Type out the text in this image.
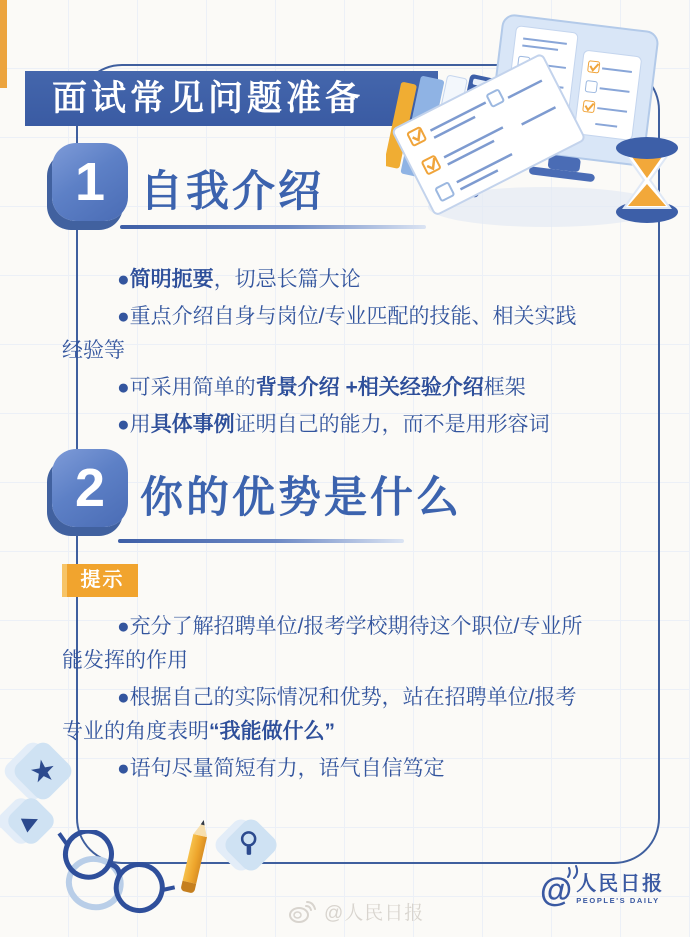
面试常见问题准备
1 自我介绍

●简明扼要，切忌长篇大论

●重点介绍自身与岗位/专业匹配的技能、相关实践经验等

●可采用简单的背景介绍 +相关经验介绍框架

●用具体事例证明自己的能力，而不是用形容词

2 你的优势是什么
提示

●充分了解招聘单位/报考学校期待这个职位/专业所能发挥的作用

●根据自己的实际情况和优势，站在招聘单位/报考专业的角度表明“我能做什么”

●语句尽量简短有力，语气自信笃定

★
▶
@人民日报
@ 人民日报
PEOPLE'S DAILY
